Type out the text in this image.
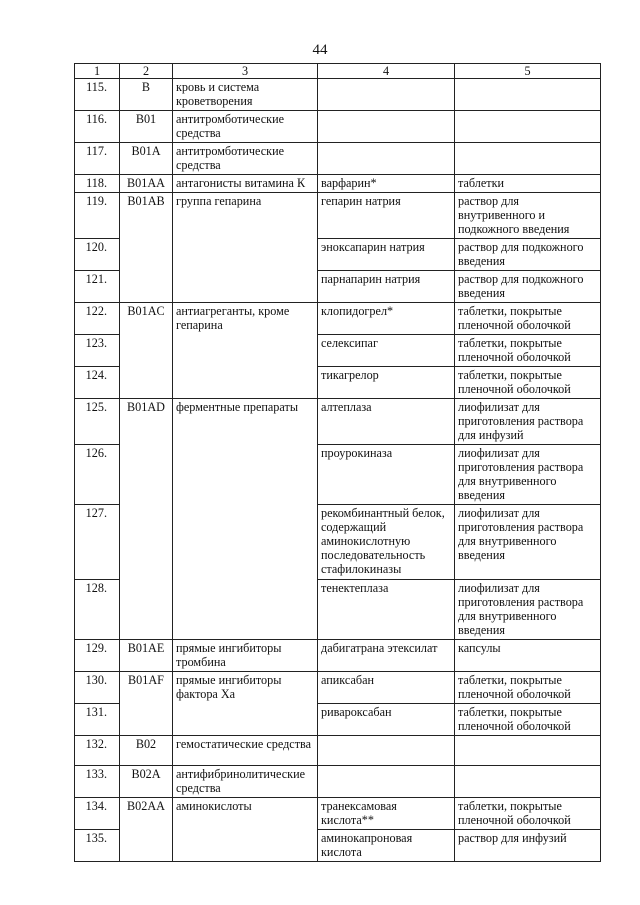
44
1	2	3	4	5
115.	B	кровь и система кроветворения		
116.	B01	антитромботические средства		
117.	B01A	антитромботические средства		
118.	B01AA	антагонисты витамина К	варфарин*	таблетки
119.	B01AB	группа гепарина	гепарин натрия	раствор для внутривенного и подкожного введения
120.			эноксапарин натрия	раствор для подкожного введения
121.			парнапарин натрия	раствор для подкожного введения
122.	B01AC	антиагреганты, кроме гепарина	клопидогрел*	таблетки, покрытые пленочной оболочкой
123.			селексипаг	таблетки, покрытые пленочной оболочкой
124.			тикагрелор	таблетки, покрытые пленочной оболочкой
125.	B01AD	ферментные препараты	алтеплаза	лиофилизат для приготовления раствора для инфузий
126.			проурокиназа	лиофилизат для приготовления раствора для внутривенного введения
127.			рекомбинантный белок, содержащий аминокислотную последовательность стафилокиназы	лиофилизат для приготовления раствора для внутривенного введения
128.			тенектеплаза	лиофилизат для приготовления раствора для внутривенного введения
129.	B01AE	прямые ингибиторы тромбина	дабигатрана этексилат	капсулы
130.	B01AF	прямые ингибиторы фактора Ха	апиксабан	таблетки, покрытые пленочной оболочкой
131.			ривароксабан	таблетки, покрытые пленочной оболочкой
132.	B02	гемостатические средства		
133.	B02A	антифибринолитические средства		
134.	B02AA	аминокислоты	транексамовая кислота**	таблетки, покрытые пленочной оболочкой
135.			аминокапроновая кислота	раствор для инфузий
